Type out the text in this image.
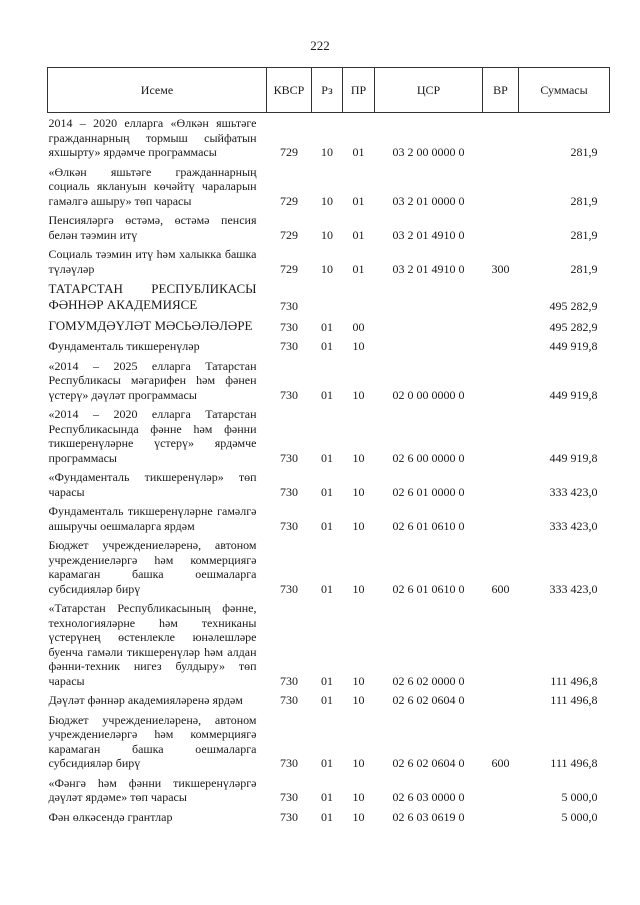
222
Исеме	КВСР	Рз	ПР	ЦСР	ВР	Суммасы
2014 – 2020 елларга «Өлкән яшьтәге гражданнарның тормыш сыйфатын яхшырту» ярдәмче программасы	729	10	01	03 2 00 0000 0		281,9
«Өлкән яшьтәге гражданнарның социаль яклануын көчәйтү чараларын гамәлгә ашыру» төп чарасы	729	10	01	03 2 01 0000 0		281,9
Пенсияләргә өстәмә, өстәмә пенсия белән тәэмин итү	729	10	01	03 2 01 4910 0		281,9
Социаль тәэмин итү һәм халыкка башка түләүләр	729	10	01	03 2 01 4910 0	300	281,9
ТАТАРСТАН РЕСПУБЛИКАСЫ ФӘННӘР АКАДЕМИЯСЕ	730					495 282,9
ГОМУМДӘҮЛӘТ МӘСЬӘЛӘЛӘРЕ	730	01	00			495 282,9
Фундаменталь тикшеренүләр	730	01	10			449 919,8
«2014 – 2025 елларга Татарстан Республикасы мәгарифен һәм фәнен үстерү» дәүләт программасы	730	01	10	02 0 00 0000 0		449 919,8
«2014 – 2020 елларга Татарстан Республикасында фәнне һәм фәнни тикшеренүләрне үстерү» ярдәмче программасы	730	01	10	02 6 00 0000 0		449 919,8
«Фундаменталь тикшеренүләр» төп чарасы	730	01	10	02 6 01 0000 0		333 423,0
Фундаменталь тикшеренүләрне гамәлгә ашыручы оешмаларга ярдәм	730	01	10	02 6 01 0610 0		333 423,0
Бюджет учреждениеләренә, автоном учреждениеләргә һәм коммерциягә карамаган башка оешмаларга субсидияләр бирү	730	01	10	02 6 01 0610 0	600	333 423,0
«Татарстан Республикасының фәнне, технологияләрне һәм техниканы үстерүнең өстенлекле юнәлешләре буенча гамәли тикшеренүләр һәм алдан фәнни-техник нигез булдыру» төп чарасы	730	01	10	02 6 02 0000 0		111 496,8
Дәүләт фәннәр академияләренә ярдәм	730	01	10	02 6 02 0604 0		111 496,8
Бюджет учреждениеләренә, автоном учреждениеләргә һәм коммерциягә карамаган башка оешмаларга субсидияләр бирү	730	01	10	02 6 02 0604 0	600	111 496,8
«Фәнгә һәм фәнни тикшеренүләргә дәүләт ярдәме» төп чарасы	730	01	10	02 6 03 0000 0		5 000,0
Фән өлкәсендә грантлар	730	01	10	02 6 03 0619 0		5 000,0
